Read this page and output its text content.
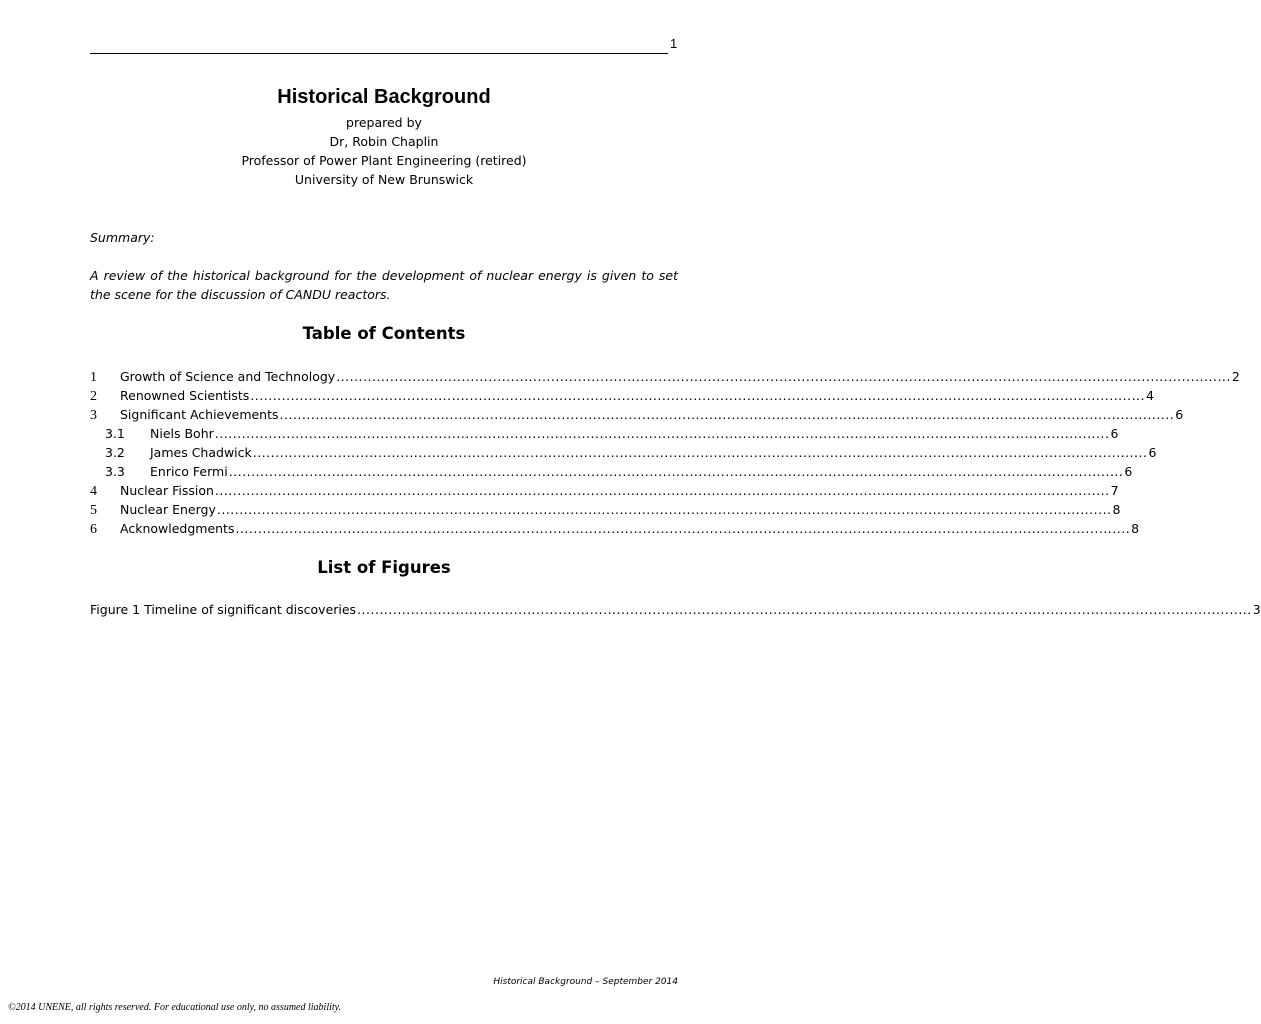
1
Historical Background
prepared by
Dr, Robin Chaplin
Professor of Power Plant Engineering (retired)
University of New Brunswick
Summary:
A review of the historical background for the development of nuclear energy is given to set the scene for the discussion of CANDU reactors.
Table of Contents
1	Growth of Science and Technology ........................................................................................................................................................................................................ 2
2	Renowned Scientists ........................................................................................................................................................................................................ 4
3	Significant Achievements ........................................................................................................................................................................................................ 6
3.1	Niels Bohr ........................................................................................................................................................................................................ 6
3.2	James Chadwick ........................................................................................................................................................................................................ 6
3.3	Enrico Fermi ........................................................................................................................................................................................................ 6
4	Nuclear Fission ........................................................................................................................................................................................................ 7
5	Nuclear Energy ........................................................................................................................................................................................................ 8
6	Acknowledgments ........................................................................................................................................................................................................ 8
List of Figures
Figure 1 Timeline of significant discoveries ........................................................................................................................................................................................................ 3
Historical Background – September 2014
©2014 UNENE, all rights reserved. For educational use only, no assumed liability.
